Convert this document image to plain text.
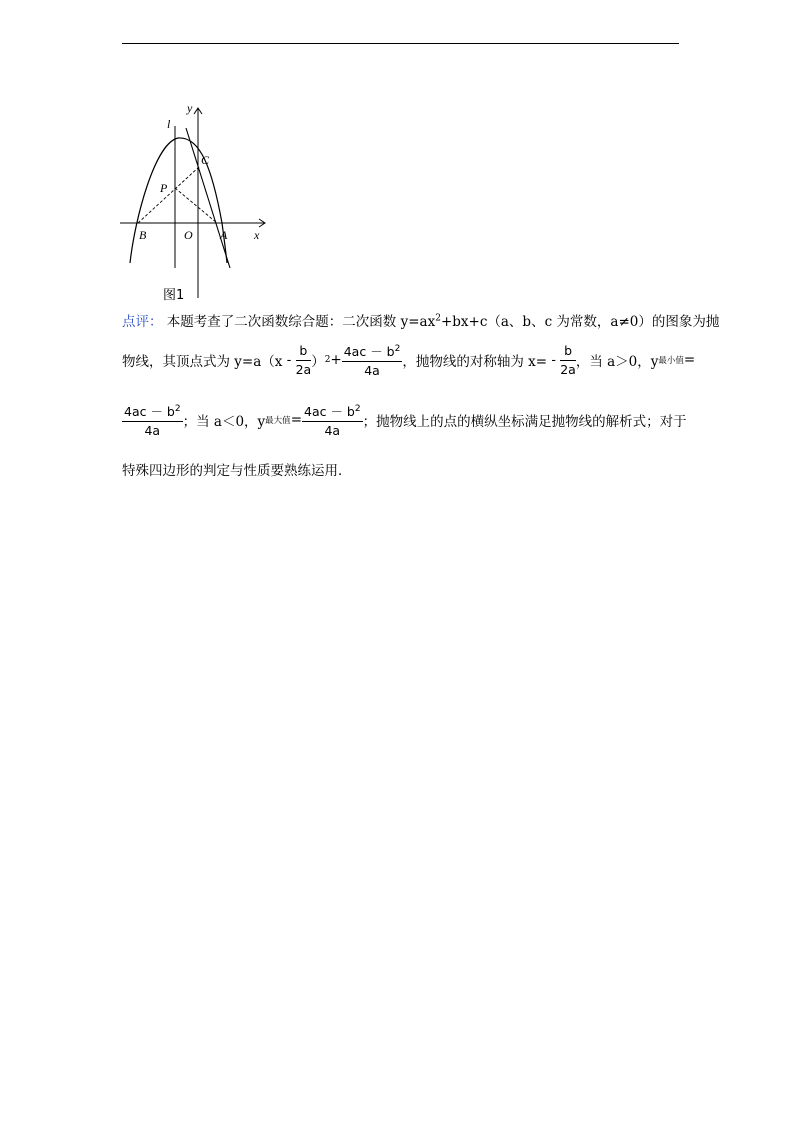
x
y
l
C
P
B	O A
图1
点评： 本题考查了二次函数综合题：二次函数 $y=ax^2+bx+c(a$、b、c 为常数，a≠0）的图象为抛
物线，其顶点式为 $y=a(x - \frac{b}{2a} )2+ \frac{4ac - b^2}{4a}$ ，抛物线的对称轴为 $x= - \frac{b}{2a}$ ，当 a＞0，y最小值=
$\frac{4ac - b^2}{4a}$ ；当 a＜0，y最大值= $\frac{4ac - b^2}{4a}$ ；抛物线上的点的横纵坐标满足抛物线的解析式；对于
特殊四边形的判定与性质要熟练运用．
